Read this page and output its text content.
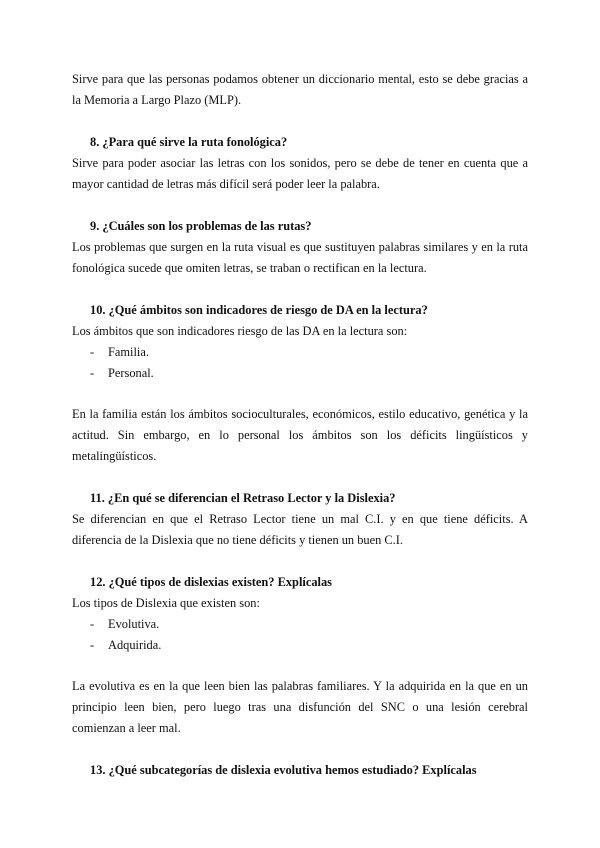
Sirve para que las personas podamos obtener un diccionario mental, esto se debe gracias a la Memoria a Largo Plazo (MLP).
8. ¿Para qué sirve la ruta fonológica?
Sirve para poder asociar las letras con los sonidos, pero se debe de tener en cuenta que a mayor cantidad de letras más difícil será poder leer la palabra.
9. ¿Cuáles son los problemas de las rutas?
Los problemas que surgen en la ruta visual es que sustituyen palabras similares y en la ruta fonológica sucede que omiten letras, se traban o rectifican en la lectura.
10. ¿Qué ámbitos son indicadores de riesgo de DA en la lectura?
Los ámbitos que son indicadores riesgo de las DA en la lectura son:
-	Familia.
-	Personal.
En la familia están los ámbitos socioculturales, económicos, estilo educativo, genética y la actitud. Sin embargo, en lo personal los ámbitos son los déficits lingüísticos y metalingüísticos.
11. ¿En qué se diferencian el Retraso Lector y la Dislexia?
Se diferencian en que el Retraso Lector tiene un mal C.I. y en que tiene déficits. A diferencia de la Dislexia que no tiene déficits y tienen un buen C.I.
12. ¿Qué tipos de dislexias existen? Explícalas
Los tipos de Dislexia que existen son:
-	Evolutiva.
-	Adquirida.
La evolutiva es en la que leen bien las palabras familiares. Y la adquirida en la que en un principio leen bien, pero luego tras una disfunción del SNC o una lesión cerebral comienzan a leer mal.
13. ¿Qué subcategorías de dislexia evolutiva hemos estudiado? Explícalas
